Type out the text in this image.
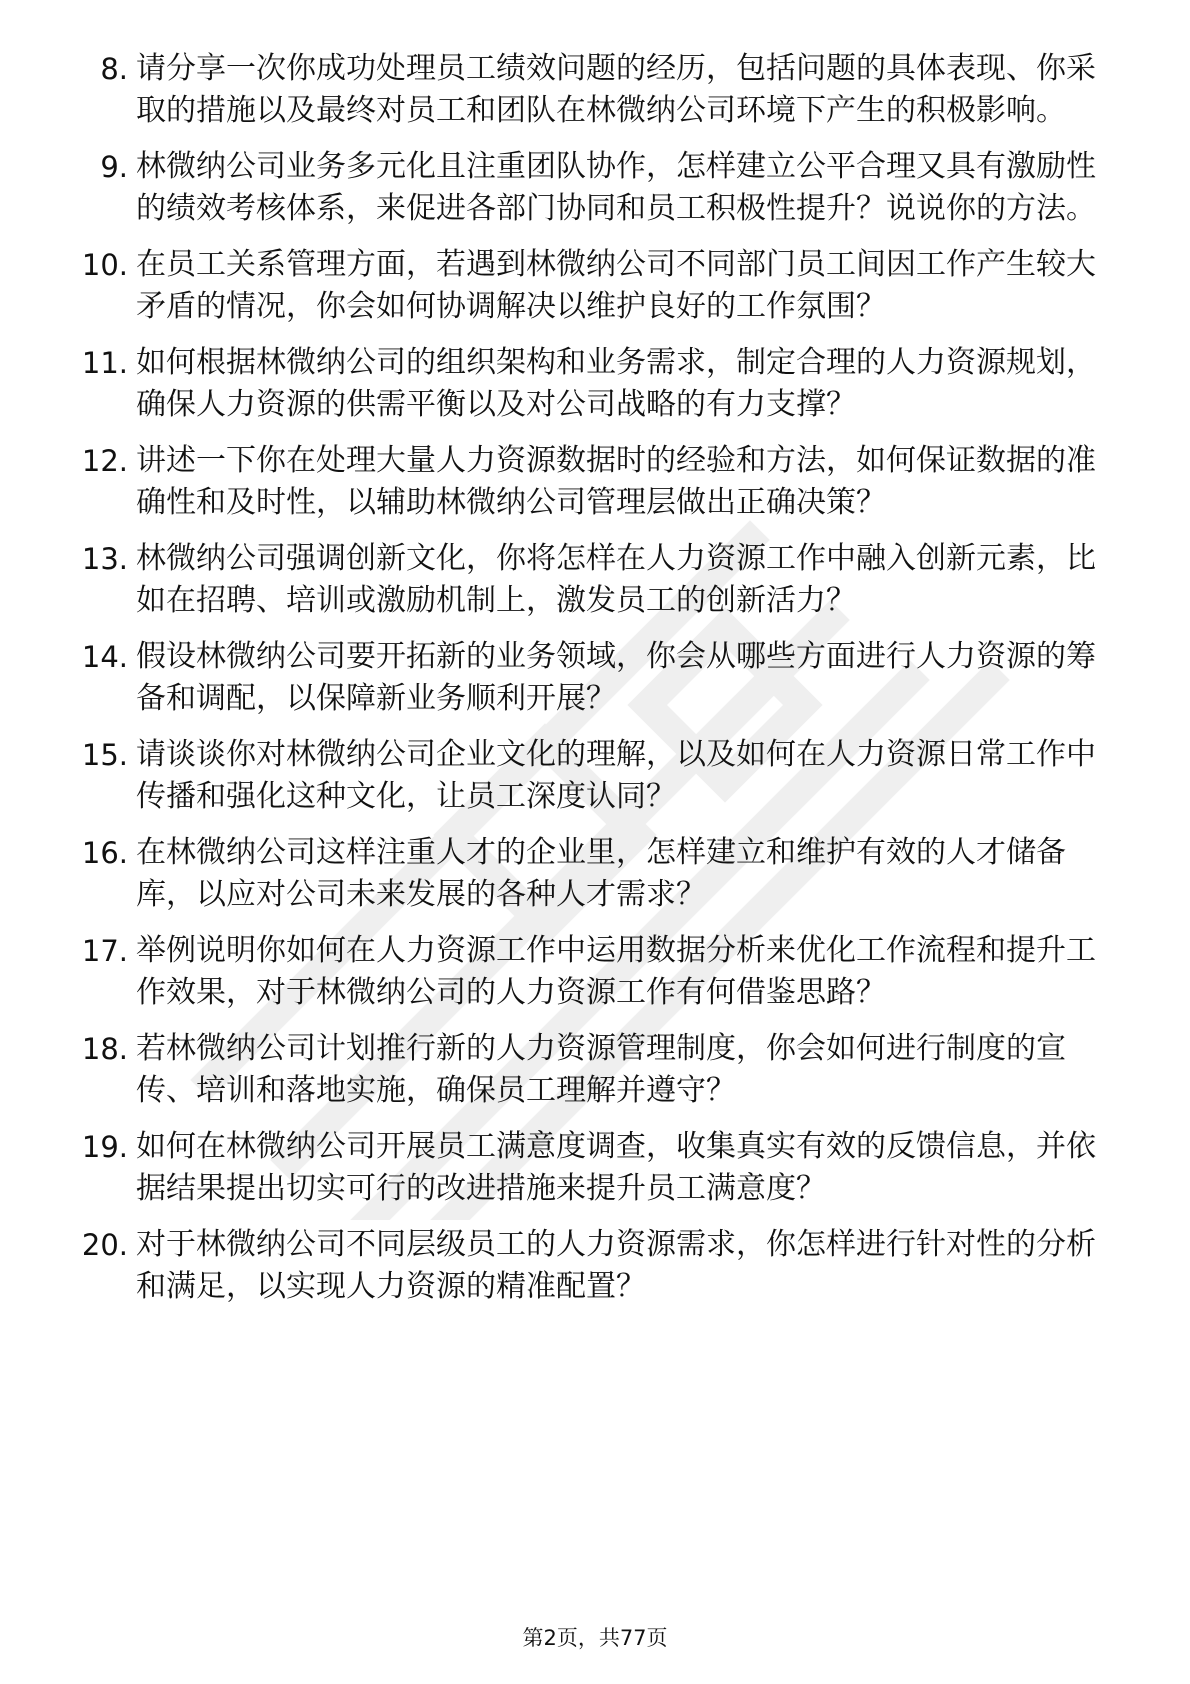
8. 请分享一次你成功处理员工绩效问题的经历，包括问题的具体表现、你采取的措施以及最终对员工和团队在林微纳公司环境下产生的积极影响。
9. 林微纳公司业务多元化且注重团队协作，怎样建立公平合理又具有激励性的绩效考核体系，来促进各部门协同和员工积极性提升？说说你的方法。
10. 在员工关系管理方面，若遇到林微纳公司不同部门员工间因工作产生较大矛盾的情况，你会如何协调解决以维护良好的工作氛围？
11. 如何根据林微纳公司的组织架构和业务需求，制定合理的人力资源规划，确保人力资源的供需平衡以及对公司战略的有力支撑？
12. 讲述一下你在处理大量人力资源数据时的经验和方法，如何保证数据的准确性和及时性，以辅助林微纳公司管理层做出正确决策？
13. 林微纳公司强调创新文化，你将怎样在人力资源工作中融入创新元素，比如在招聘、培训或激励机制上，激发员工的创新活力？
14. 假设林微纳公司要开拓新的业务领域，你会从哪些方面进行人力资源的筹备和调配，以保障新业务顺利开展？
15. 请谈谈你对林微纳公司企业文化的理解，以及如何在人力资源日常工作中传播和强化这种文化，让员工深度认同？
16. 在林微纳公司这样注重人才的企业里，怎样建立和维护有效的人才储备库，以应对公司未来发展的各种人才需求？
17. 举例说明你如何在人力资源工作中运用数据分析来优化工作流程和提升工作效果，对于林微纳公司的人力资源工作有何借鉴思路？
18. 若林微纳公司计划推行新的人力资源管理制度，你会如何进行制度的宣传、培训和落地实施，确保员工理解并遵守？
19. 如何在林微纳公司开展员工满意度调查，收集真实有效的反馈信息，并依据结果提出切实可行的改进措施来提升员工满意度？
20. 对于林微纳公司不同层级员工的人力资源需求，你怎样进行针对性的分析和满足，以实现人力资源的精准配置？
第2页，共77页
